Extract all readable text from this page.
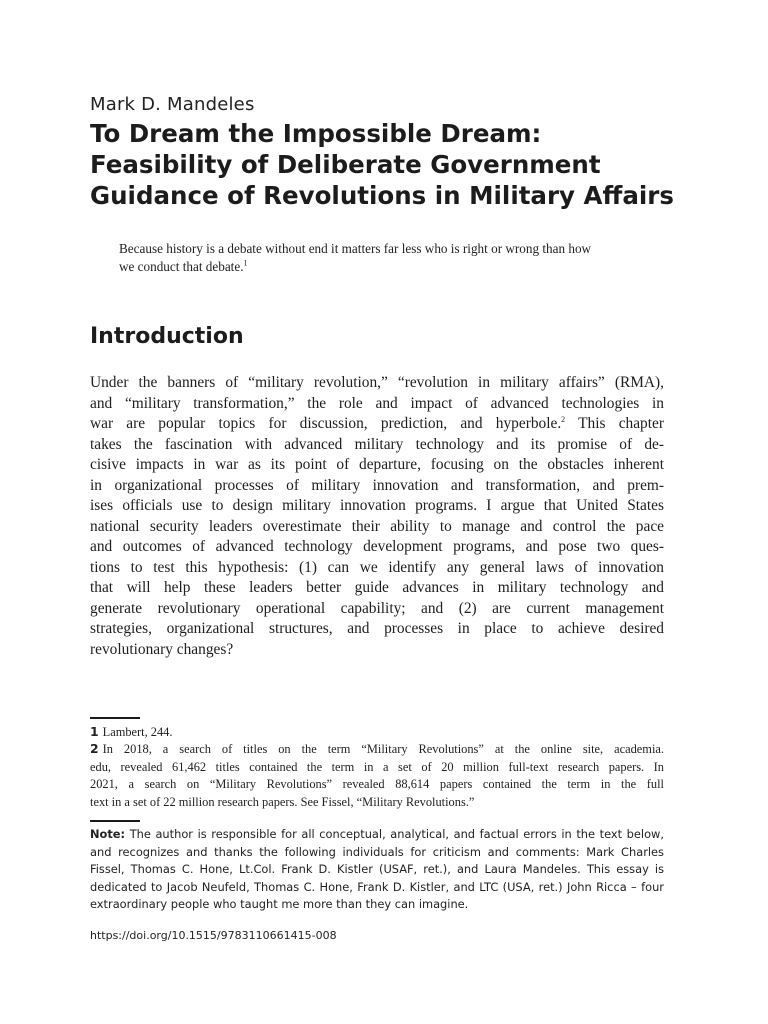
Mark D. Mandeles
To Dream the Impossible Dream:
Feasibility of Deliberate Government
Guidance of Revolutions in Military Affairs
Because history is a debate without end it matters far less who is right or wrong than how
we conduct that debate.$^1$
Introduction
Under the banners of “military revolution,” “revolution in military affairs” (RMA),
and “military transformation,” the role and impact of advanced technologies in
war are popular topics for discussion, prediction, and hyperbole.$^2$ This chapter
takes the fascination with advanced military technology and its promise of de-
cisive impacts in war as its point of departure, focusing on the obstacles inherent
in organizational processes of military innovation and transformation, and prem-
ises officials use to design military innovation programs. I argue that United States
national security leaders overestimate their ability to manage and control the pace
and outcomes of advanced technology development programs, and pose two ques-
tions to test this hypothesis: (1) can we identify any general laws of innovation
that will help these leaders better guide advances in military technology and
generate revolutionary operational capability; and (2) are current management
strategies, organizational structures, and processes in place to achieve desired
revolutionary changes?
1 Lambert, 244.
2 In 2018, a search of titles on the term “Military Revolutions” at the online site, academia.
edu, revealed 61,462 titles contained the term in a set of 20 million full-text research papers. In
2021, a search on “Military Revolutions” revealed 88,614 papers contained the term in the full
text in a set of 22 million research papers. See Fissel, “Military Revolutions.”
Note: The author is responsible for all conceptual, analytical, and factual errors in the text below,
and recognizes and thanks the following individuals for criticism and comments: Mark Charles
Fissel, Thomas C. Hone, Lt.Col. Frank D. Kistler (USAF, ret.), and Laura Mandeles. This essay is
dedicated to Jacob Neufeld, Thomas C. Hone, Frank D. Kistler, and LTC (USA, ret.) John Ricca – four
extraordinary people who taught me more than they can imagine.
https://doi.org/10.1515/9783110661415-008
